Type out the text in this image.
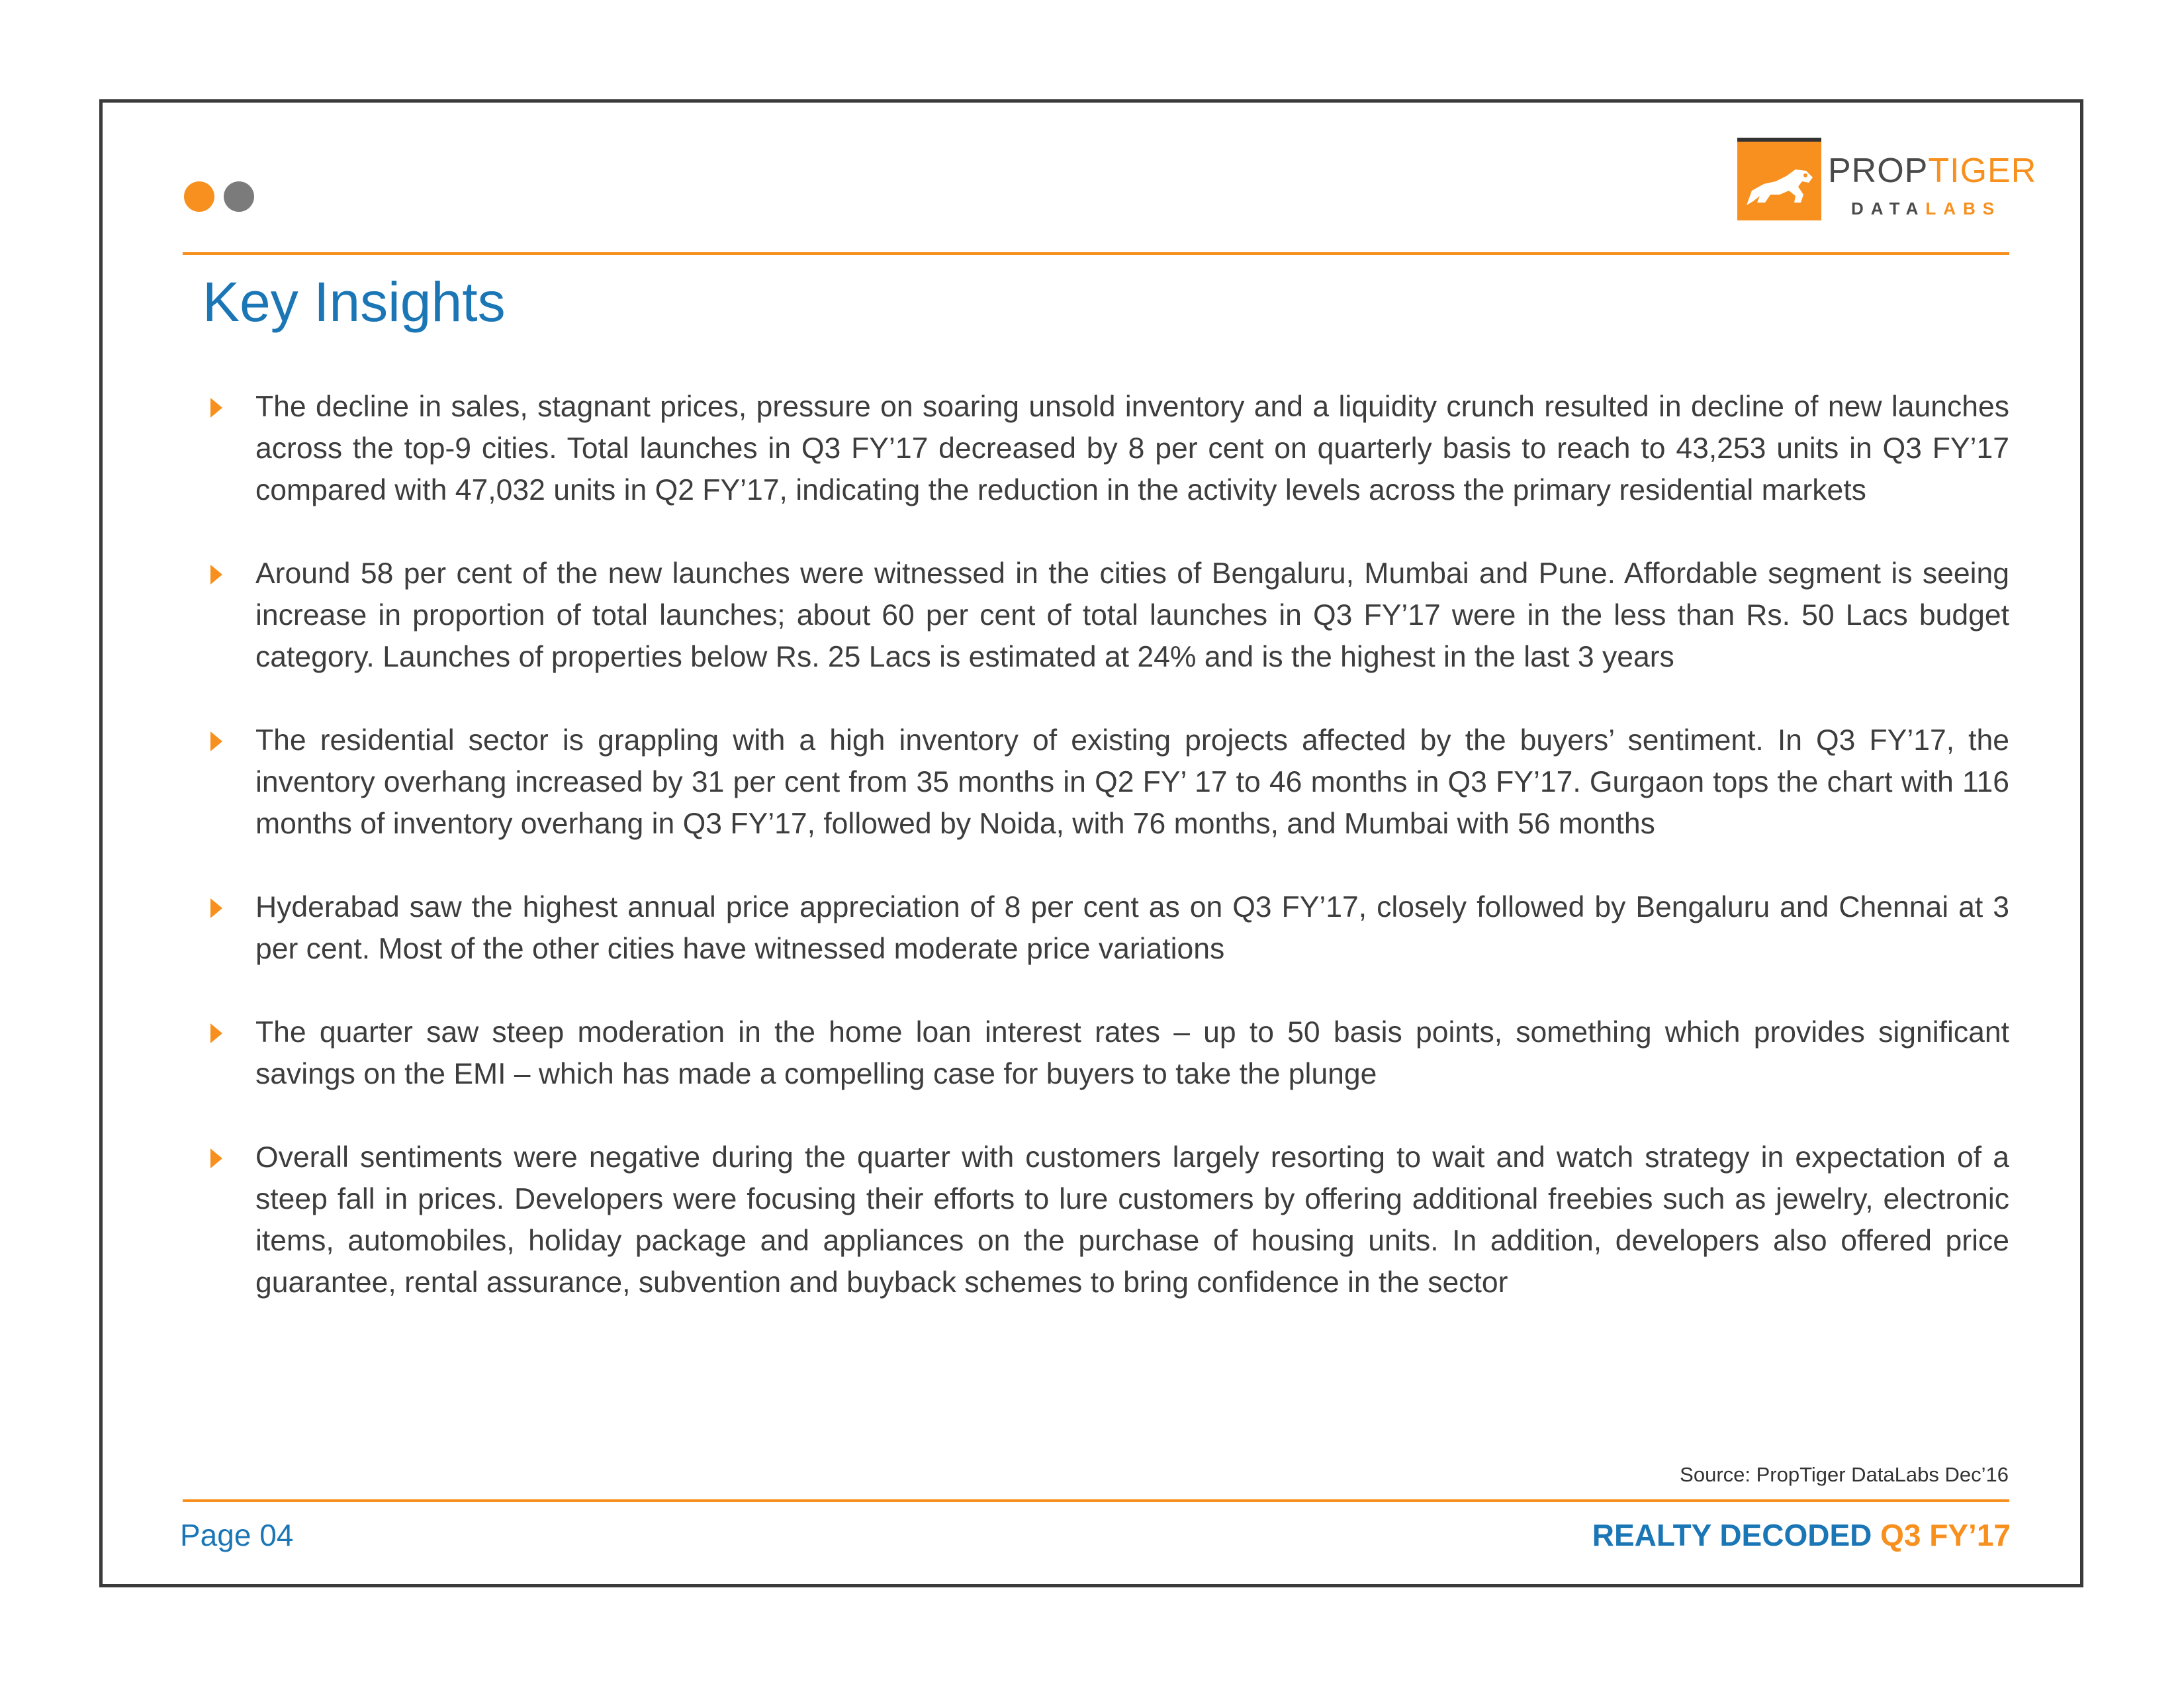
PROPTIGER
DATALABS
Key Insights
The decline in sales, stagnant prices, pressure on soaring unsold inventory and a liquidity crunch resulted in decline of new launches across the top-9 cities. Total launches in Q3 FY’17 decreased by 8 per cent on quarterly basis to reach to 43,253 units in Q3 FY’17 compared with 47,032 units in Q2 FY’17, indicating the reduction in the activity levels across the primary residential markets
Around 58 per cent of the new launches were witnessed in the cities of Bengaluru, Mumbai and Pune. Affordable segment is seeing increase in proportion of total launches; about 60 per cent of total launches in Q3 FY’17 were in the less than Rs. 50 Lacs budget category. Launches of properties below Rs. 25 Lacs is estimated at 24% and is the highest in the last 3 years
The residential sector is grappling with a high inventory of existing projects affected by the buyers’ sentiment. In Q3 FY’17, the inventory overhang increased by 31 per cent from 35 months in Q2 FY’ 17 to 46 months in Q3 FY’17. Gurgaon tops the chart with 116 months of inventory overhang in Q3 FY’17, followed by Noida, with 76 months, and Mumbai with 56 months
Hyderabad saw the highest annual price appreciation of 8 per cent as on Q3 FY’17, closely followed by Bengaluru and Chennai at 3 per cent. Most of the other cities have witnessed moderate price variations
The quarter saw steep moderation in the home loan interest rates – up to 50 basis points, something which provides significant savings on the EMI – which has made a compelling case for buyers to take the plunge
Overall sentiments were negative during the quarter with customers largely resorting to wait and watch strategy in expectation of a steep fall in prices. Developers were focusing their efforts to lure customers by offering additional freebies such as jewelry, electronic items, automobiles, holiday package and appliances on the purchase of housing units. In addition, developers also offered price guarantee, rental assurance, subvention and buyback schemes to bring confidence in the sector
Source: PropTiger DataLabs Dec’16
Page 04	REALTY DECODED Q3 FY’17
